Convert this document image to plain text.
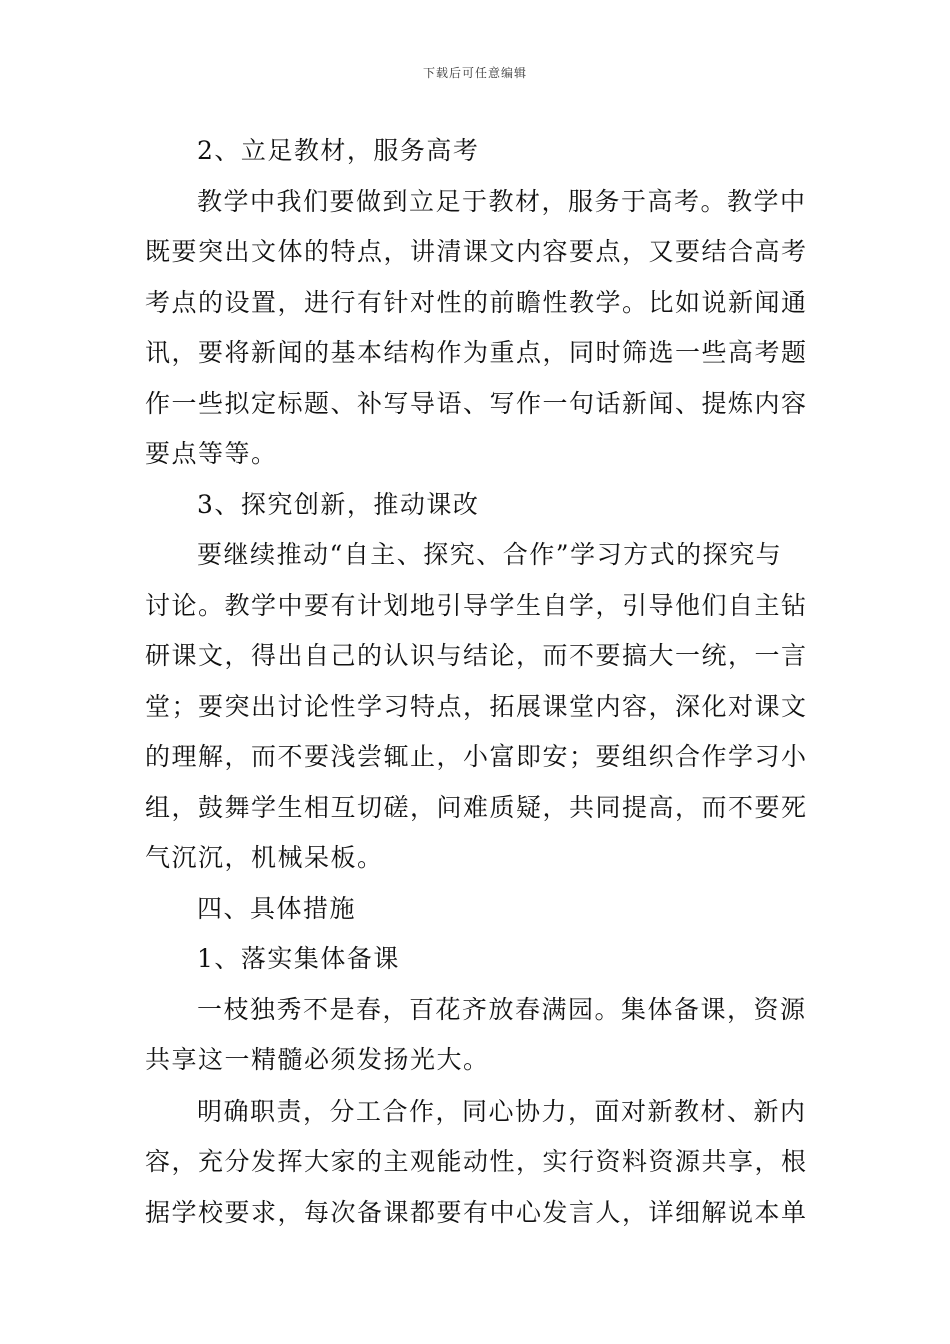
下载后可任意编辑
2、立足教材，服务高考
教学中我们要做到立足于教材，服务于高考。教学中
既要突出文体的特点，讲清课文内容要点，又要结合高考
考点的设置，进行有针对性的前瞻性教学。比如说新闻通
讯，要将新闻的基本结构作为重点，同时筛选一些高考题
作一些拟定标题、补写导语、写作一句话新闻、提炼内容
要点等等。
3、探究创新，推动课改
要继续推动“自主、探究、合作”学习方式的探究与
讨论。教学中要有计划地引导学生自学，引导他们自主钻
研课文，得出自己的认识与结论，而不要搞大一统，一言
堂；要突出讨论性学习特点，拓展课堂内容，深化对课文
的理解，而不要浅尝辄止，小富即安；要组织合作学习小
组，鼓舞学生相互切磋，问难质疑，共同提高，而不要死
气沉沉，机械呆板。
四、具体措施
1、落实集体备课
一枝独秀不是春，百花齐放春满园。集体备课，资源
共享这一精髓必须发扬光大。
明确职责，分工合作，同心协力，面对新教材、新内
容，充分发挥大家的主观能动性，实行资料资源共享，根
据学校要求，每次备课都要有中心发言人，详细解说本单
